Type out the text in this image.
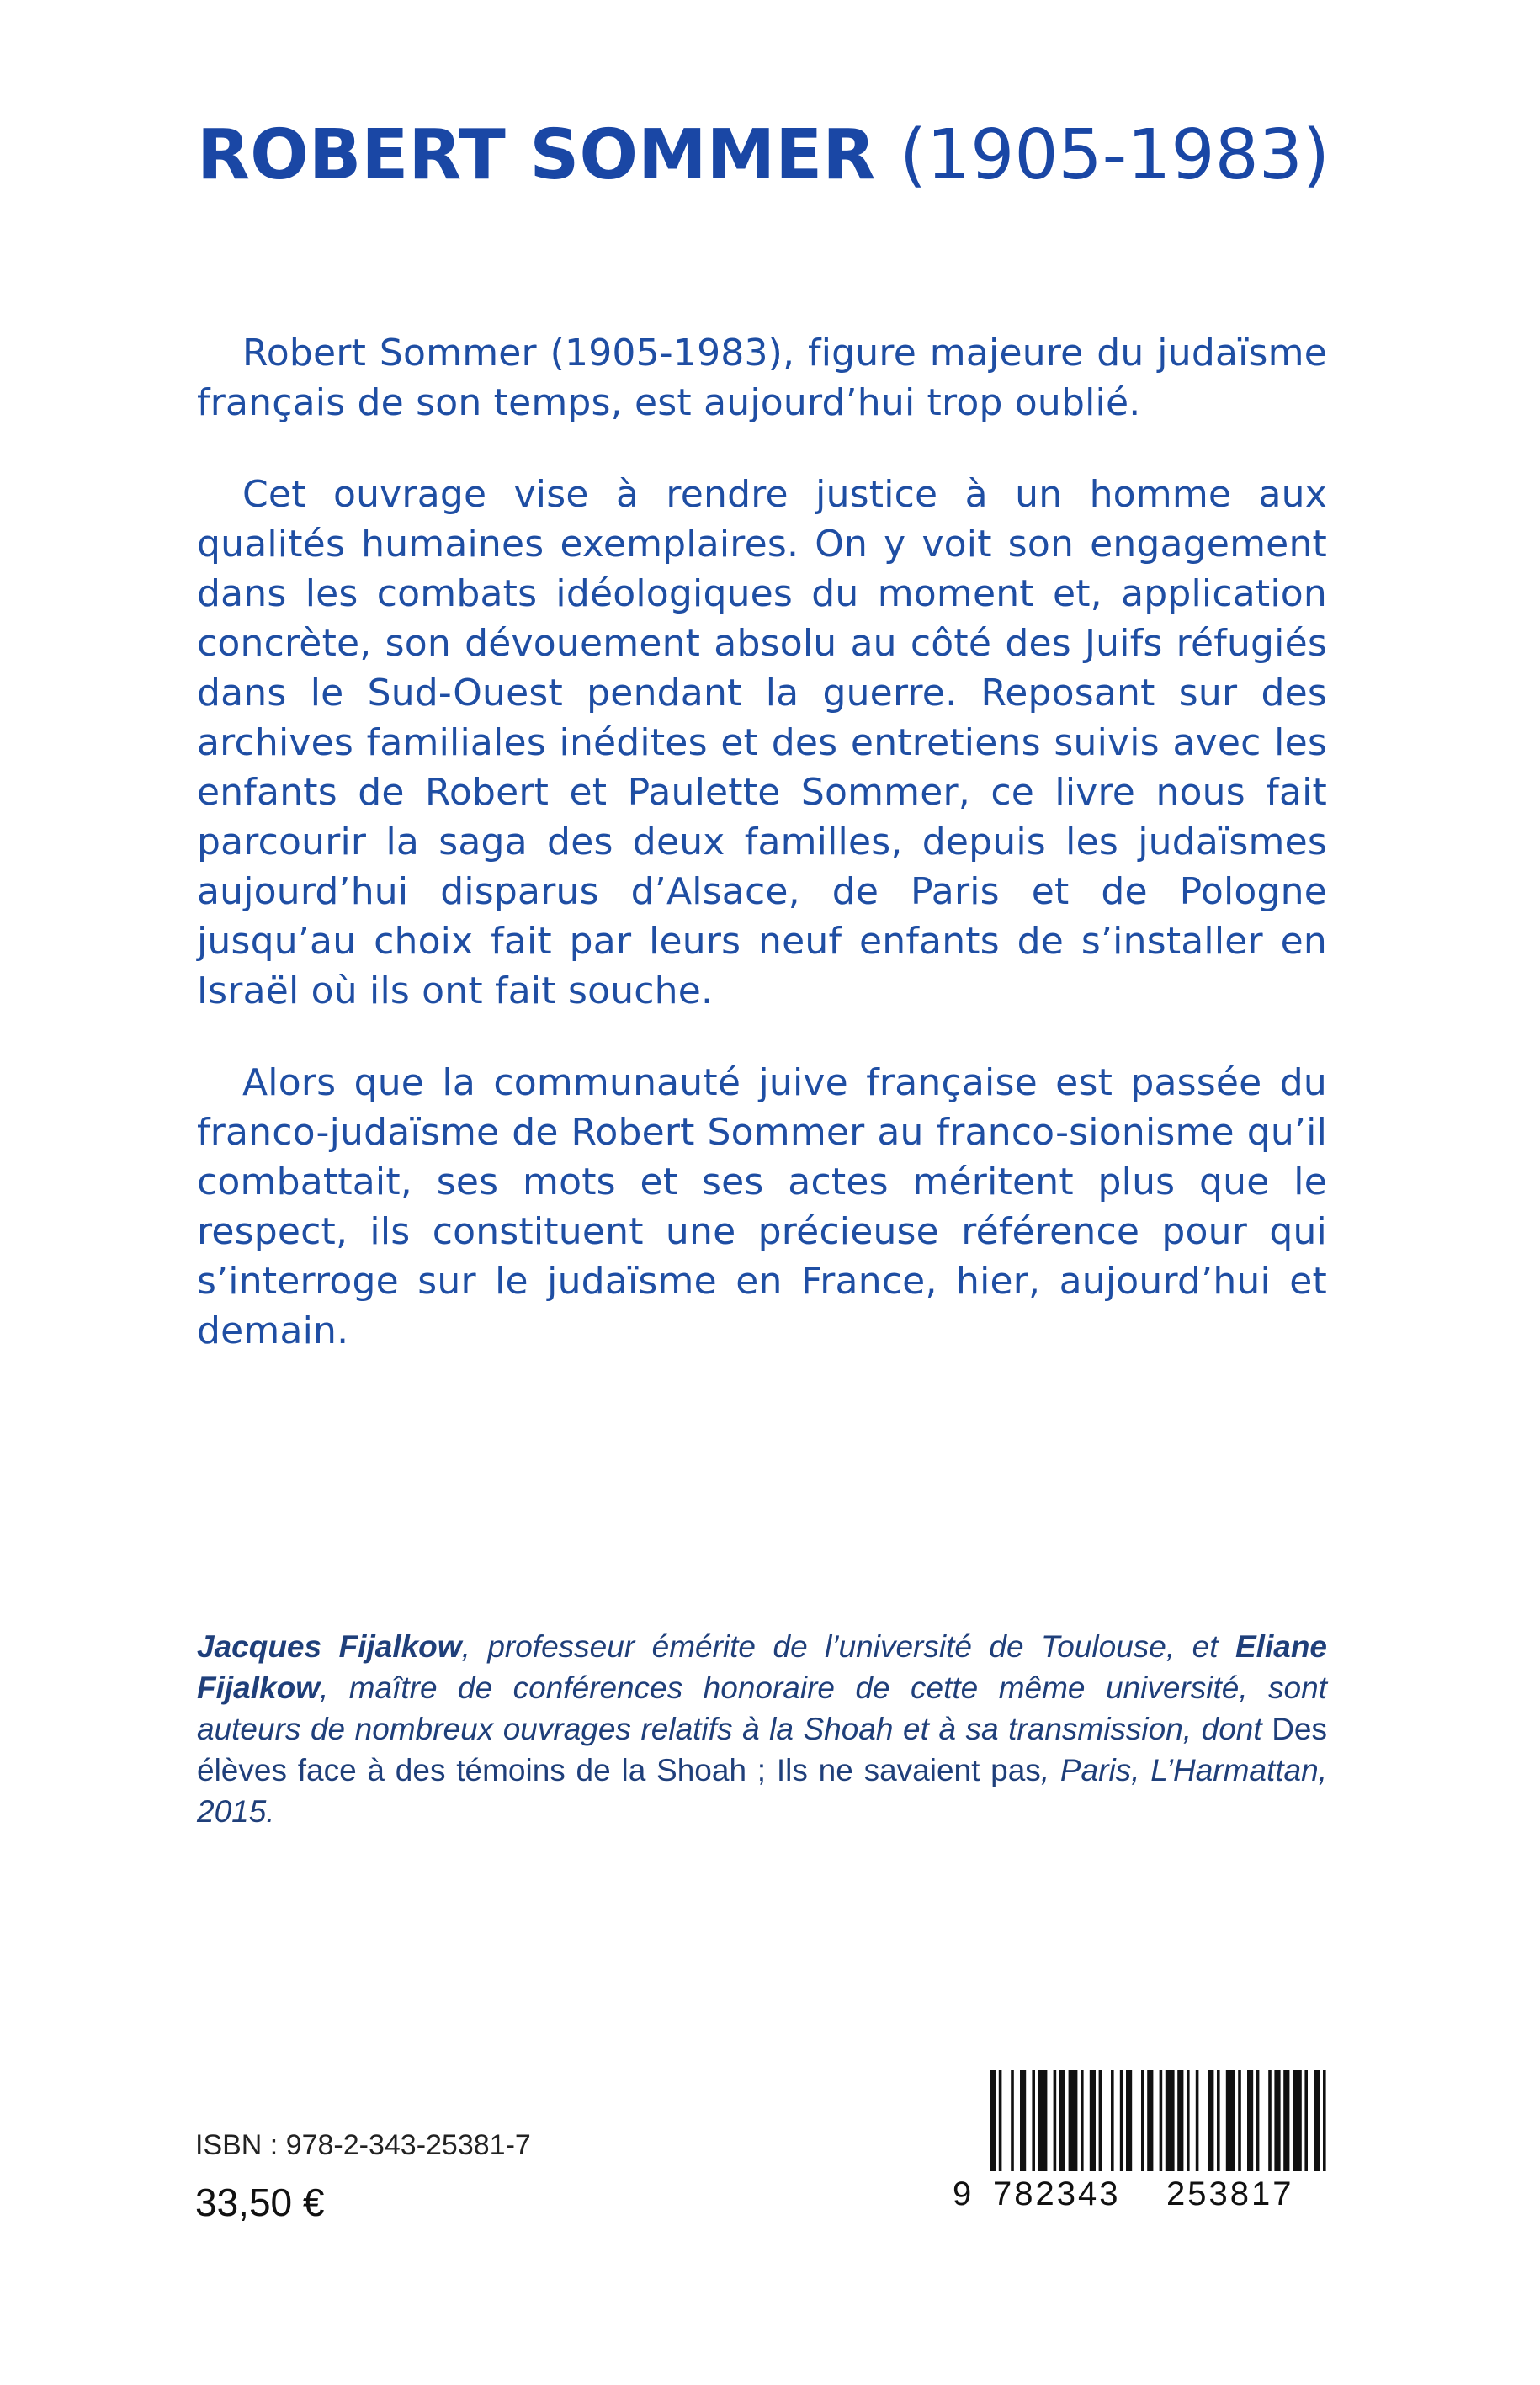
ROBERT SOMMER (1905-1983)

Robert Sommer (1905-1983), figure majeure du judaïsme français de son temps, est aujourd’hui trop oublié.

Cet ouvrage vise à rendre justice à un homme aux qualités humaines exemplaires. On y voit son engagement dans les combats idéologiques du moment et, application concrète, son dévouement absolu au côté des Juifs réfugiés dans le Sud-Ouest pendant la guerre. Reposant sur des archives familiales inédites et des entretiens suivis avec les enfants de Robert et Paulette Sommer, ce livre nous fait parcourir la saga des deux familles, depuis les judaïsmes aujourd’hui disparus d’Alsace, de Paris et de Pologne jusqu’au choix fait par leurs neuf enfants de s’installer en Israël où ils ont fait souche.

Alors que la communauté juive française est passée du franco-judaïsme de Robert Sommer au franco-sionisme qu’il combattait, ses mots et ses actes méritent plus que le respect, ils constituent une précieuse référence pour qui s’interroge sur le judaïsme en France, hier, aujourd’hui et demain.

Jacques Fijalkow, professeur émérite de l’université de Toulouse, et Eliane Fijalkow, maître de conférences honoraire de cette même université, sont auteurs de nombreux ouvrages relatifs à la Shoah et à sa transmission, dont Des élèves face à des témoins de la Shoah ; Ils ne savaient pas, Paris, L’Harmattan, 2015.
ISBN : 978-2-343-25381-7
33,50 €	9 782343 253817
